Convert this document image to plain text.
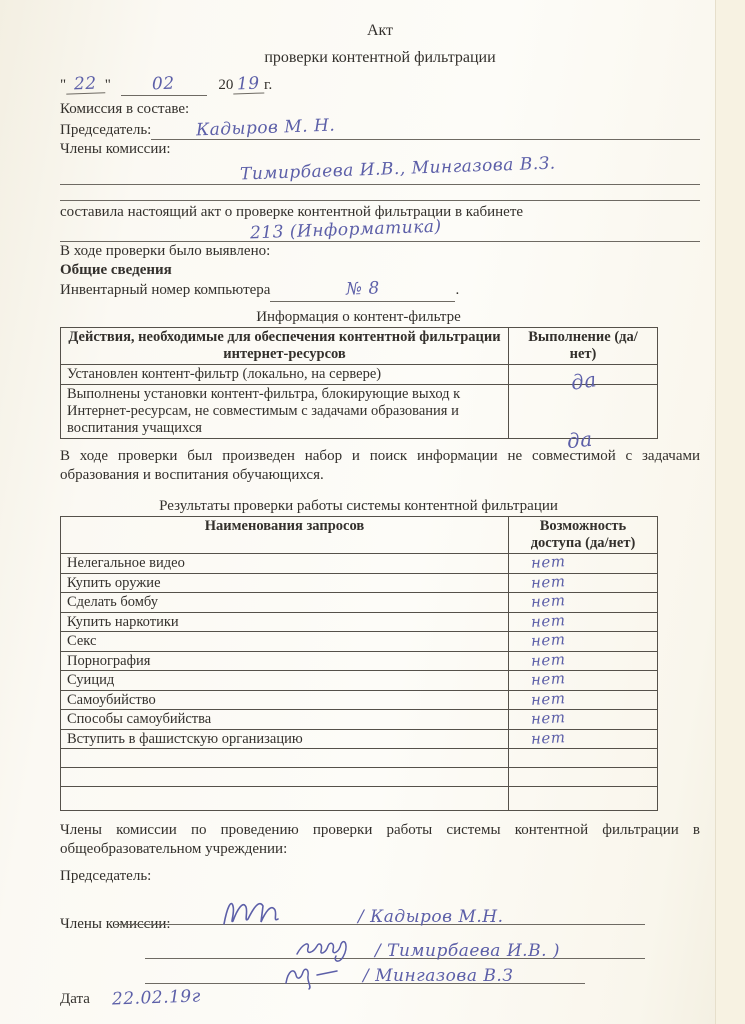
Акт
проверки контентной фильтрации
" 22 " 02	20 19 г.
Комиссия в составе:
Председатель:	Кадыров М. Н.
Члены комиссии:
Тимирбаева И.В., Мингазова В.З.
составила настоящий акт о проверке контентной фильтрации в кабинете
213 (Информатика)
В ходе проверки было выявлено:
Общие сведения
Инвентарный номер компьютера	№ 8	.
Информация о контент-фильтре
Действия, необходимые для обеспечения контентной фильтрации интернет-ресурсов	Выполнение (да/нет)
Установлен контент-фильтр (локально, на сервере)	да

Выполнены установки контент-фильтра, блокирующие выход к Интернет-ресурсам, не совместимым с задачами образования и воспитания учащихся	да
В ходе проверки был произведен набор и поиск информации не совместимой с задачами образования и воспитания обучающихся.
Результаты проверки работы системы контентной фильтрации
Наименования запросов	Возможность доступа (да/нет)
Нелегальное видео	нет
Купить оружие	нет
Сделать бомбу	нет
Купить наркотики	нет
Секс	нет
Порнография	нет
Суицид	нет
Самоубийство	нет
Способы самоубийства	нет
Вступить в фашистскую организацию	нет

Члены комиссии по проведению проверки работы системы контентной фильтрации в общеобразовательном учреждении:
Председатель:
/ Кадыров М.Н.
Члены комиссии:
/ Тимирбаева И.В. )
/ Мингазова В.З
Дата 22.02.19г
